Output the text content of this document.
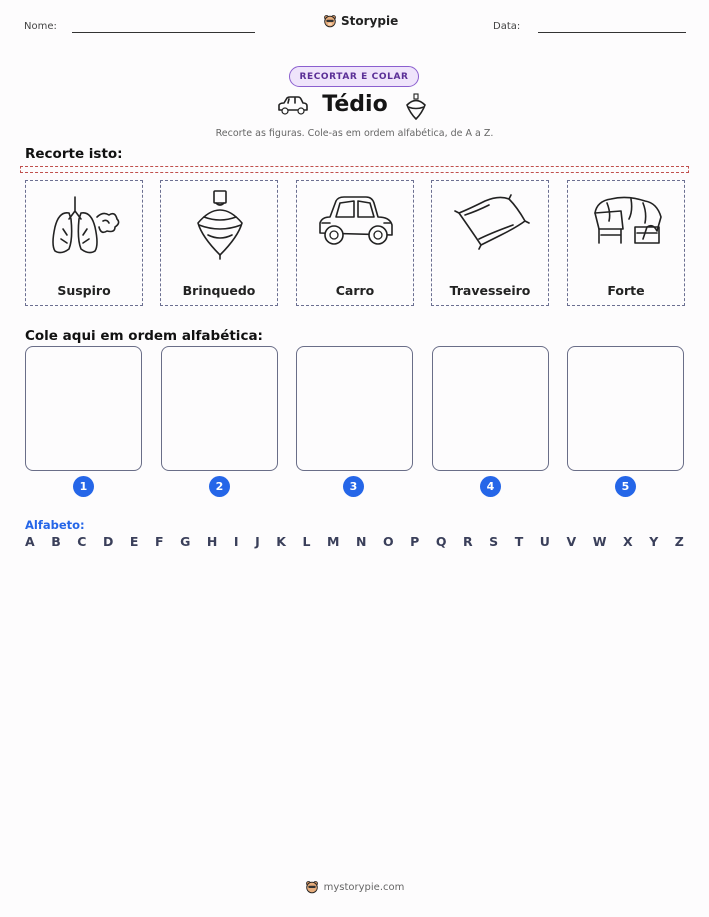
Nome:	Storypie	Data:
RECORTAR E COLAR
Tédio
Recorte as figuras. Cole-as em ordem alfabética, de A a Z.
Recorte isto:
Suspiro	Brinquedo	Carro	Travesseiro	Forte
Cole aqui em ordem alfabética:
1	2	3	4	5
Alfabeto:
A B C D E F G H I J K L M N O P Q R S T U V W X Y Z
mystorypie.com
